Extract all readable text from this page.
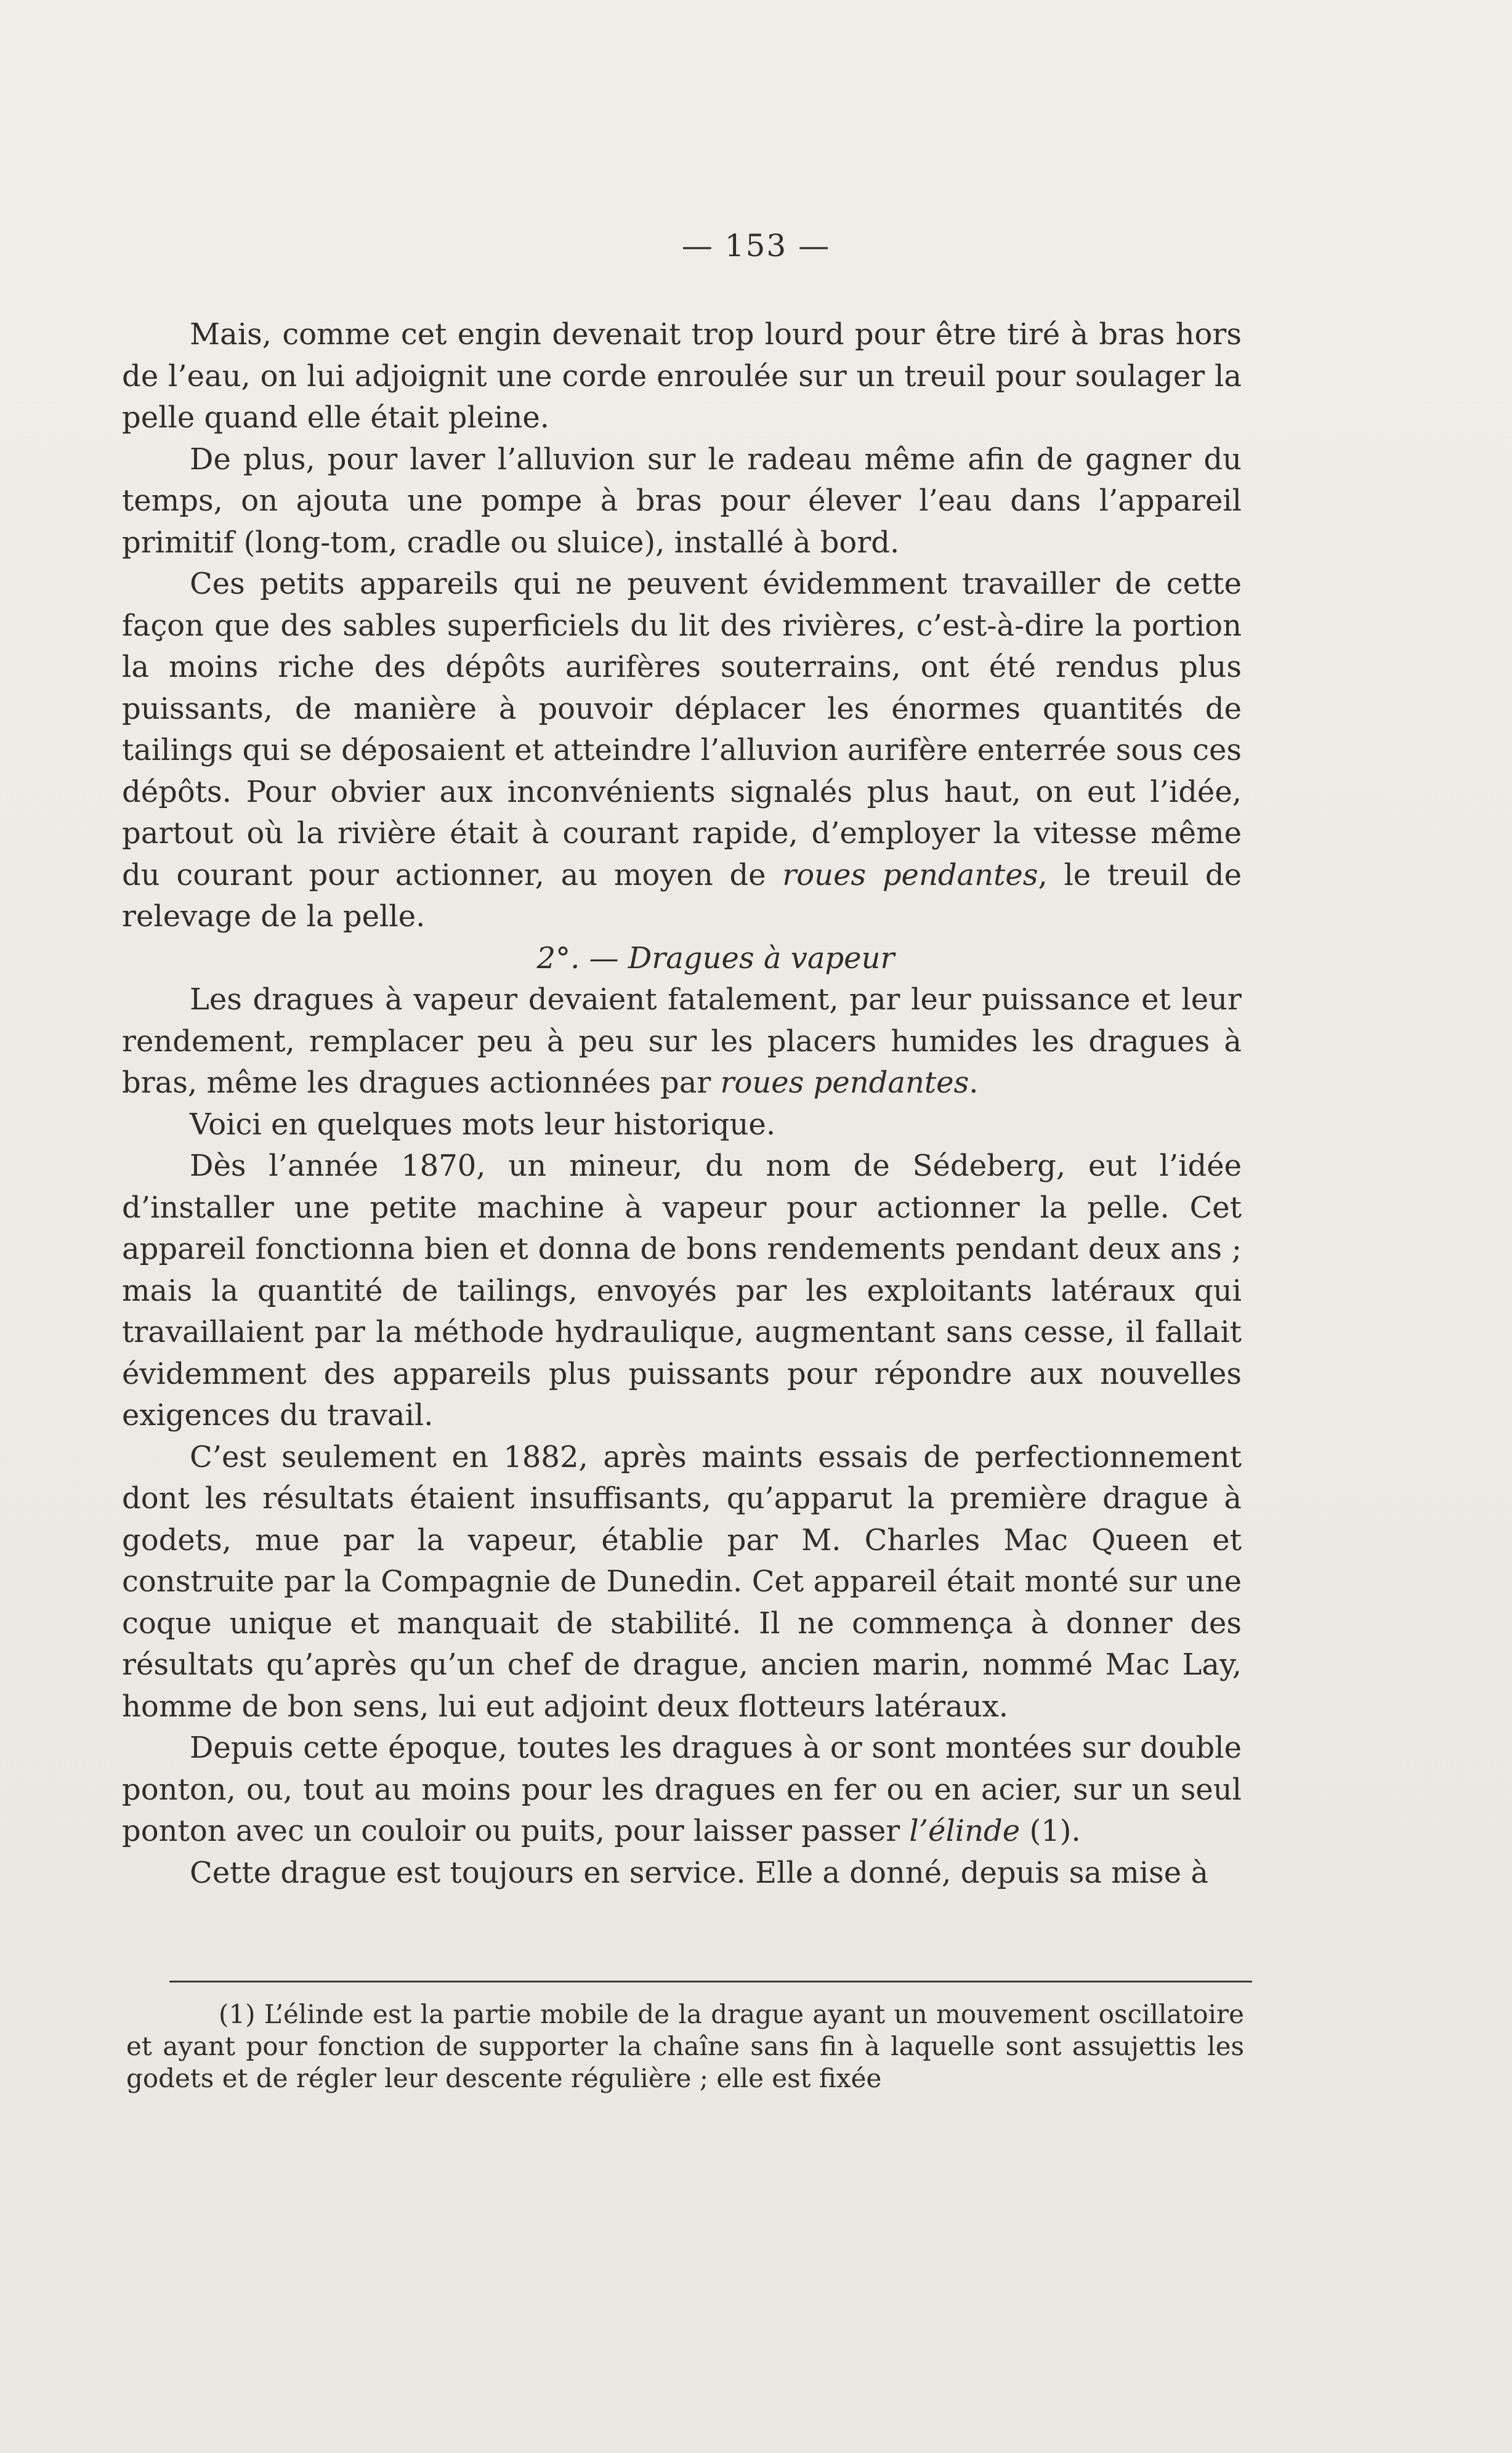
— 153 —

Mais, comme cet engin devenait trop lourd pour être tiré à bras hors de l’eau, on lui adjoignit une corde enroulée sur un treuil pour soulager la pelle quand elle était pleine.

De plus, pour laver l’alluvion sur le radeau même afin de gagner du temps, on ajouta une pompe à bras pour élever l’eau dans l’appareil primitif (long-tom, cradle ou sluice), installé à bord.

Ces petits appareils qui ne peuvent évidemment travailler de cette façon que des sables superficiels du lit des rivières, c’est-à-dire la portion la moins riche des dépôts aurifères souterrains, ont été rendus plus puissants, de manière à pouvoir déplacer les énormes quantités de tailings qui se déposaient et atteindre l’alluvion aurifère enterrée sous ces dépôts. Pour obvier aux inconvénients signalés plus haut, on eut l’idée, partout où la rivière était à courant rapide, d’employer la vitesse même du courant pour actionner, au moyen de roues pendantes, le treuil de relevage de la pelle.

2°. — Dragues à vapeur

Les dragues à vapeur devaient fatalement, par leur puissance et leur rendement, remplacer peu à peu sur les placers humides les dragues à bras, même les dragues actionnées par roues pendantes.

Voici en quelques mots leur historique.

Dès l’année 1870, un mineur, du nom de Sédeberg, eut l’idée d’installer une petite machine à vapeur pour actionner la pelle. Cet appareil fonctionna bien et donna de bons rendements pendant deux ans ; mais la quantité de tailings, envoyés par les exploitants latéraux qui travaillaient par la méthode hydraulique, augmentant sans cesse, il fallait évidemment des appareils plus puissants pour répondre aux nouvelles exigences du travail.

C’est seulement en 1882, après maints essais de perfectionnement dont les résultats étaient insuffisants, qu’apparut la première drague à godets, mue par la vapeur, établie par M. Charles Mac Queen et construite par la Compagnie de Dunedin. Cet appareil était monté sur une coque unique et manquait de stabilité. Il ne commença à donner des résultats qu’après qu’un chef de drague, ancien marin, nommé Mac Lay, homme de bon sens, lui eut adjoint deux flotteurs latéraux.

Depuis cette époque, toutes les dragues à or sont montées sur double ponton, ou, tout au moins pour les dragues en fer ou en acier, sur un seul ponton avec un couloir ou puits, pour laisser passer l’élinde (1).

Cette drague est toujours en service. Elle a donné, depuis sa mise à

(1) L’élinde est la partie mobile de la drague ayant un mouvement oscillatoire et ayant pour fonction de supporter la chaîne sans fin à laquelle sont assujettis les godets et de régler leur descente régulière ; elle est fixée
